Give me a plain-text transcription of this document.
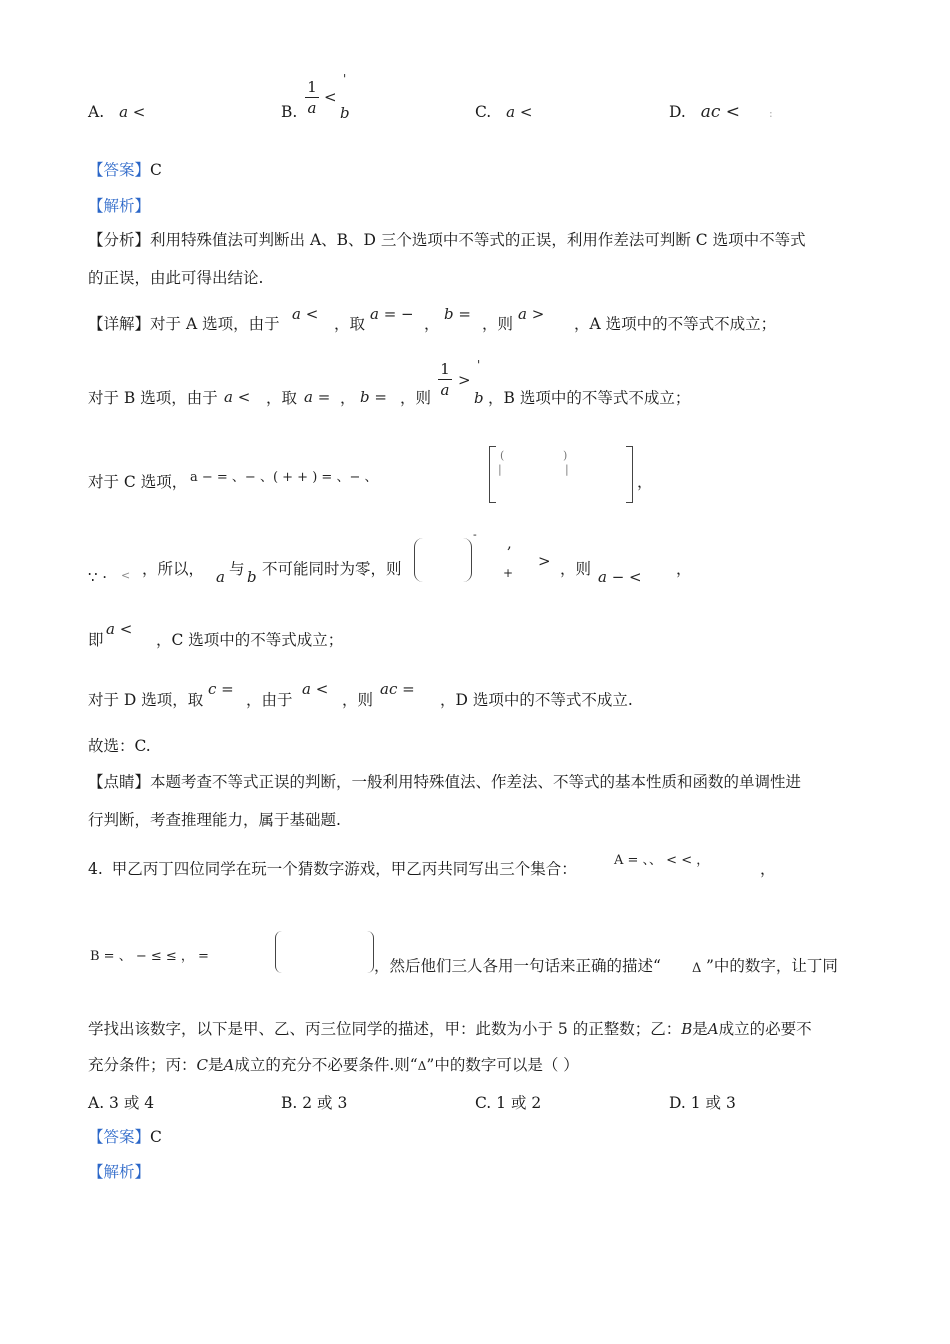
A. a <	B.
1
a
<
'
b	C. a <	D. ac <	:
【答案】C
【解析】
【分析】利用特殊值法可判断出 A、B、D 三个选项中不等式的正误，利用作差法可判断 C 选项中不等式
的正误，由此可得出结论.
【详解】对于 A 选项，由于
a <
，取
a = −
，
b =
，则
a >
，A 选项中的不等式不成立；
对于 B 选项，由于 a < ，取 a = ， b = ，则
1
a
>
'
b ，B 选项中的不等式不成立；
对于 C 选项， a − = 、− 、( + + ) = 、− 、
(
|
)
|
，
∵ · < ，所以， a 与 b 不可能同时为零，则
- ,
+
> ，则 a − < ，
即
a <
，C 选项中的不等式成立；
对于 D 选项，取
c =
，由于
a <
，则
ac =
，D 选项中的不等式不成立.
故选：C.
【点睛】本题考查不等式正误的判断，一般利用特殊值法、作差法、不等式的基本性质和函数的单调性进
行判断，考查推理能力，属于基础题.
4. 甲乙丙丁四位同学在玩一个猜数字游戏，甲乙丙共同写出三个集合：	A = 、、 < < ，	，
B = 、 − ≤ ≤ ， =
，然后他们三人各用一句话来正确的描述“ Δ ”中的数字，让丁同
学找出该数字，以下是甲、乙、丙三位同学的描述，甲：此数为小于 5 的正整数；乙：B是A成立的必要不
充分条件；丙：C是A成立的充分不必要条件.则“Δ”中的数字可以是（ ）
A. 3 或 4	B. 2 或 3	C. 1 或 2	D. 1 或 3
【答案】C
【解析】
